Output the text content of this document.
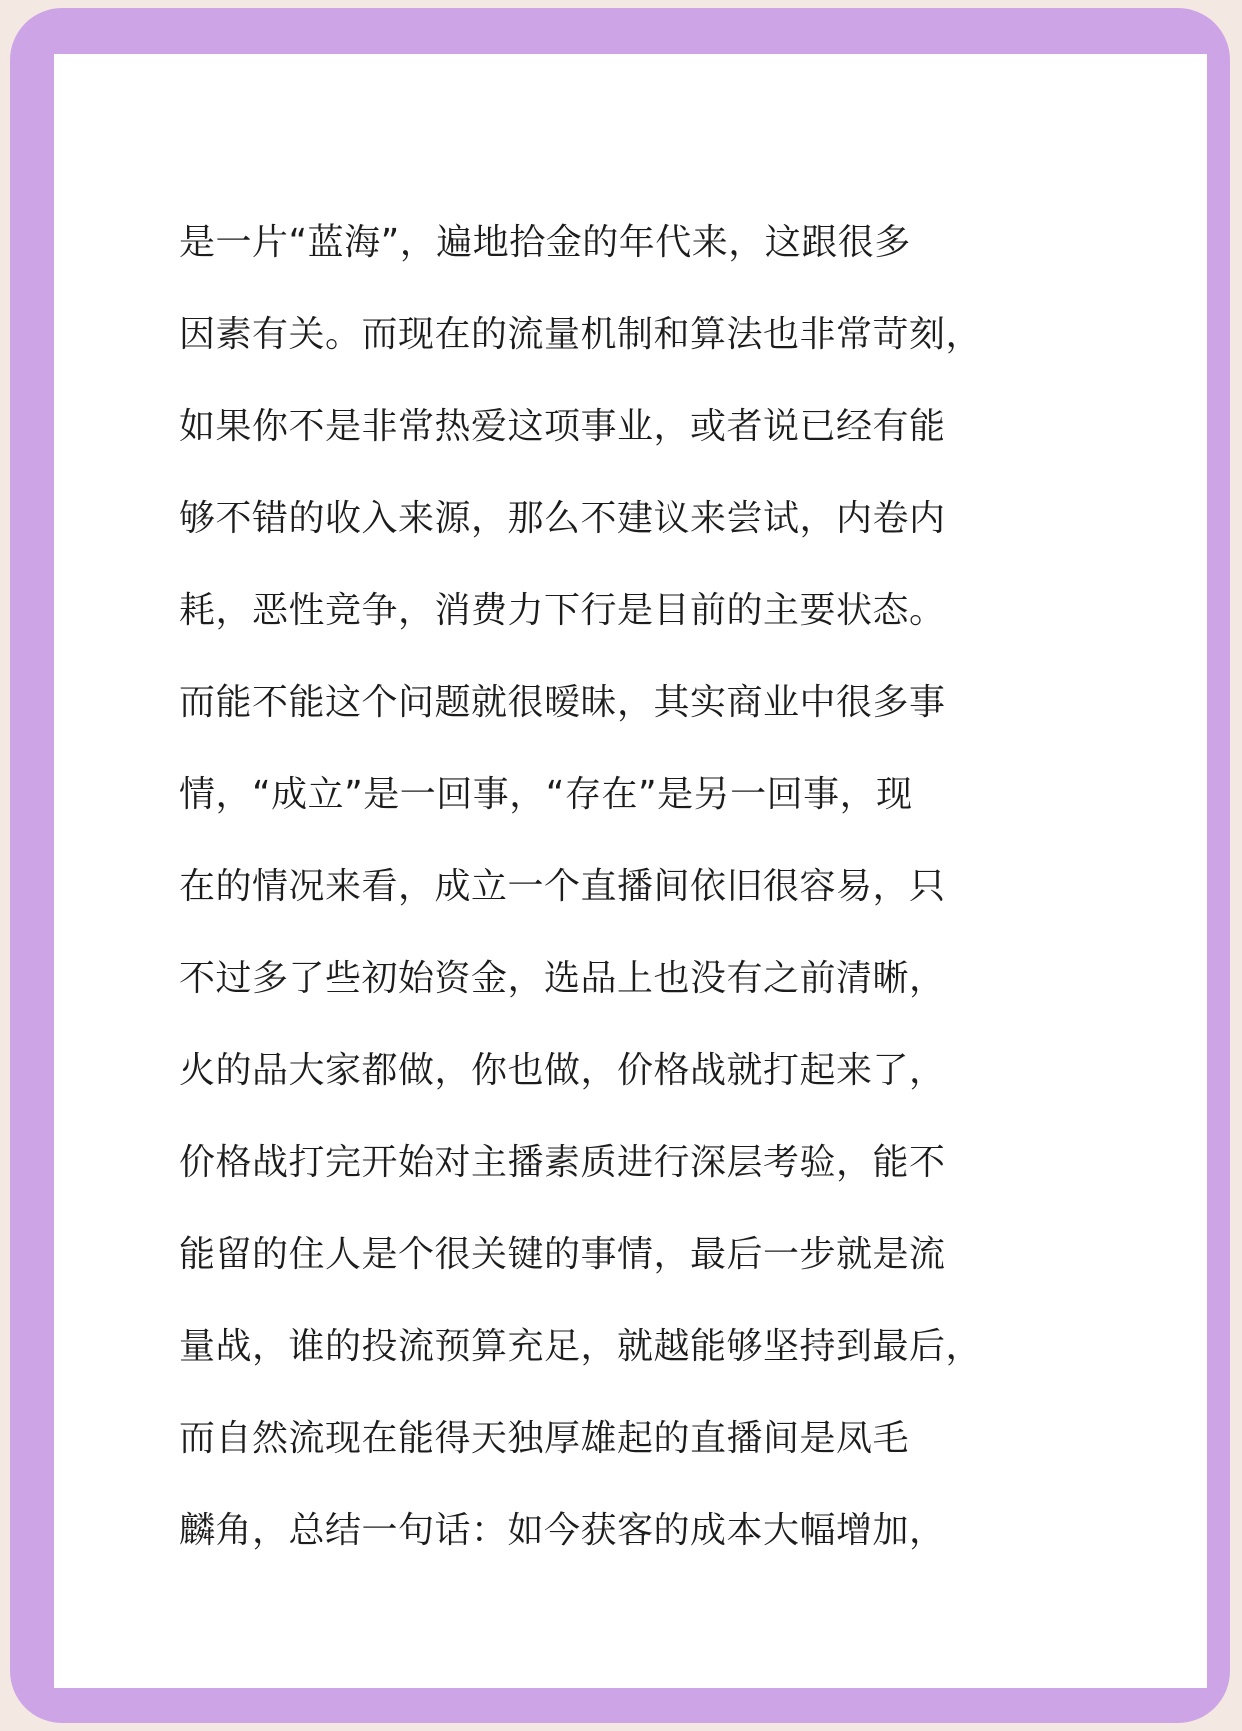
是一片“蓝海”，遍地拾金的年代来，这跟很多
因素有关。而现在的流量机制和算法也非常苛刻，
如果你不是非常热爱这项事业，或者说已经有能
够不错的收入来源，那么不建议来尝试，内卷内
耗，恶性竞争，消费力下行是目前的主要状态。
而能不能这个问题就很暧昧，其实商业中很多事
情，“成立”是一回事，“存在”是另一回事，现
在的情况来看，成立一个直播间依旧很容易，只
不过多了些初始资金，选品上也没有之前清晰，
火的品大家都做，你也做，价格战就打起来了，
价格战打完开始对主播素质进行深层考验，能不
能留的住人是个很关键的事情，最后一步就是流
量战，谁的投流预算充足，就越能够坚持到最后，
而自然流现在能得天独厚雄起的直播间是凤毛
麟角，总结一句话：如今获客的成本大幅增加，
